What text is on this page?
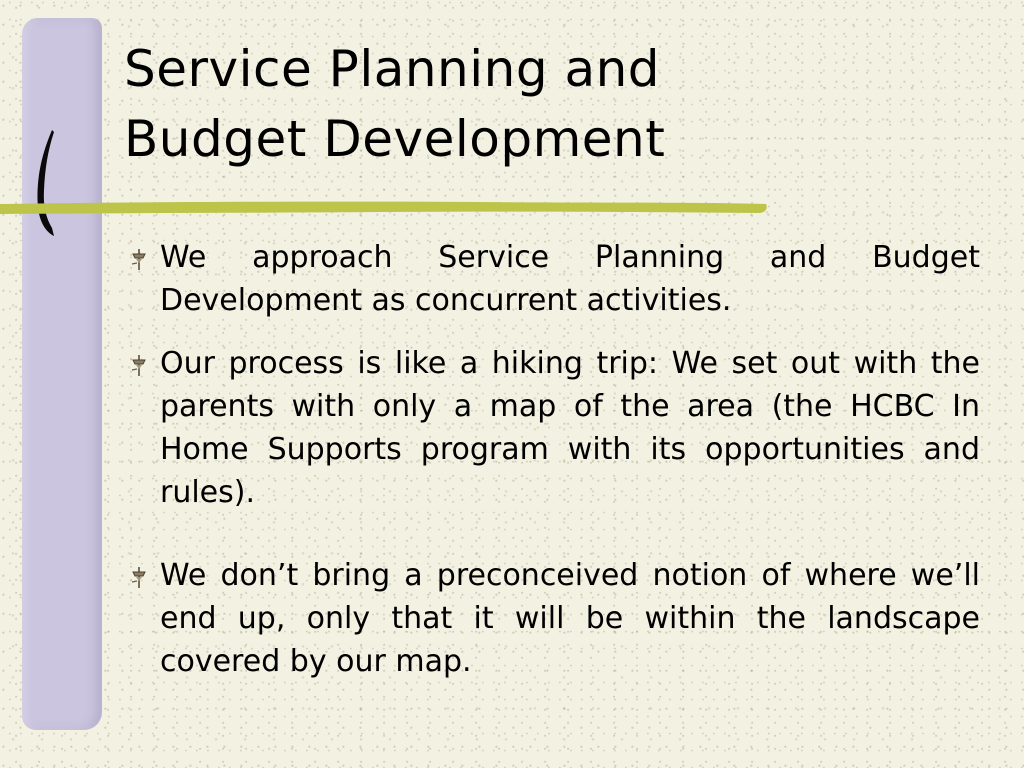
Service Planning and
Budget Development
We approach Service Planning and Budget Development as concurrent activities.
Our process is like a hiking trip: We set out with the parents with only a map of the area (the HCBC In Home Supports program with its opportunities and rules).
We don’t bring a preconceived notion of where we’ll end up, only that it will be within the landscape covered by our map.
